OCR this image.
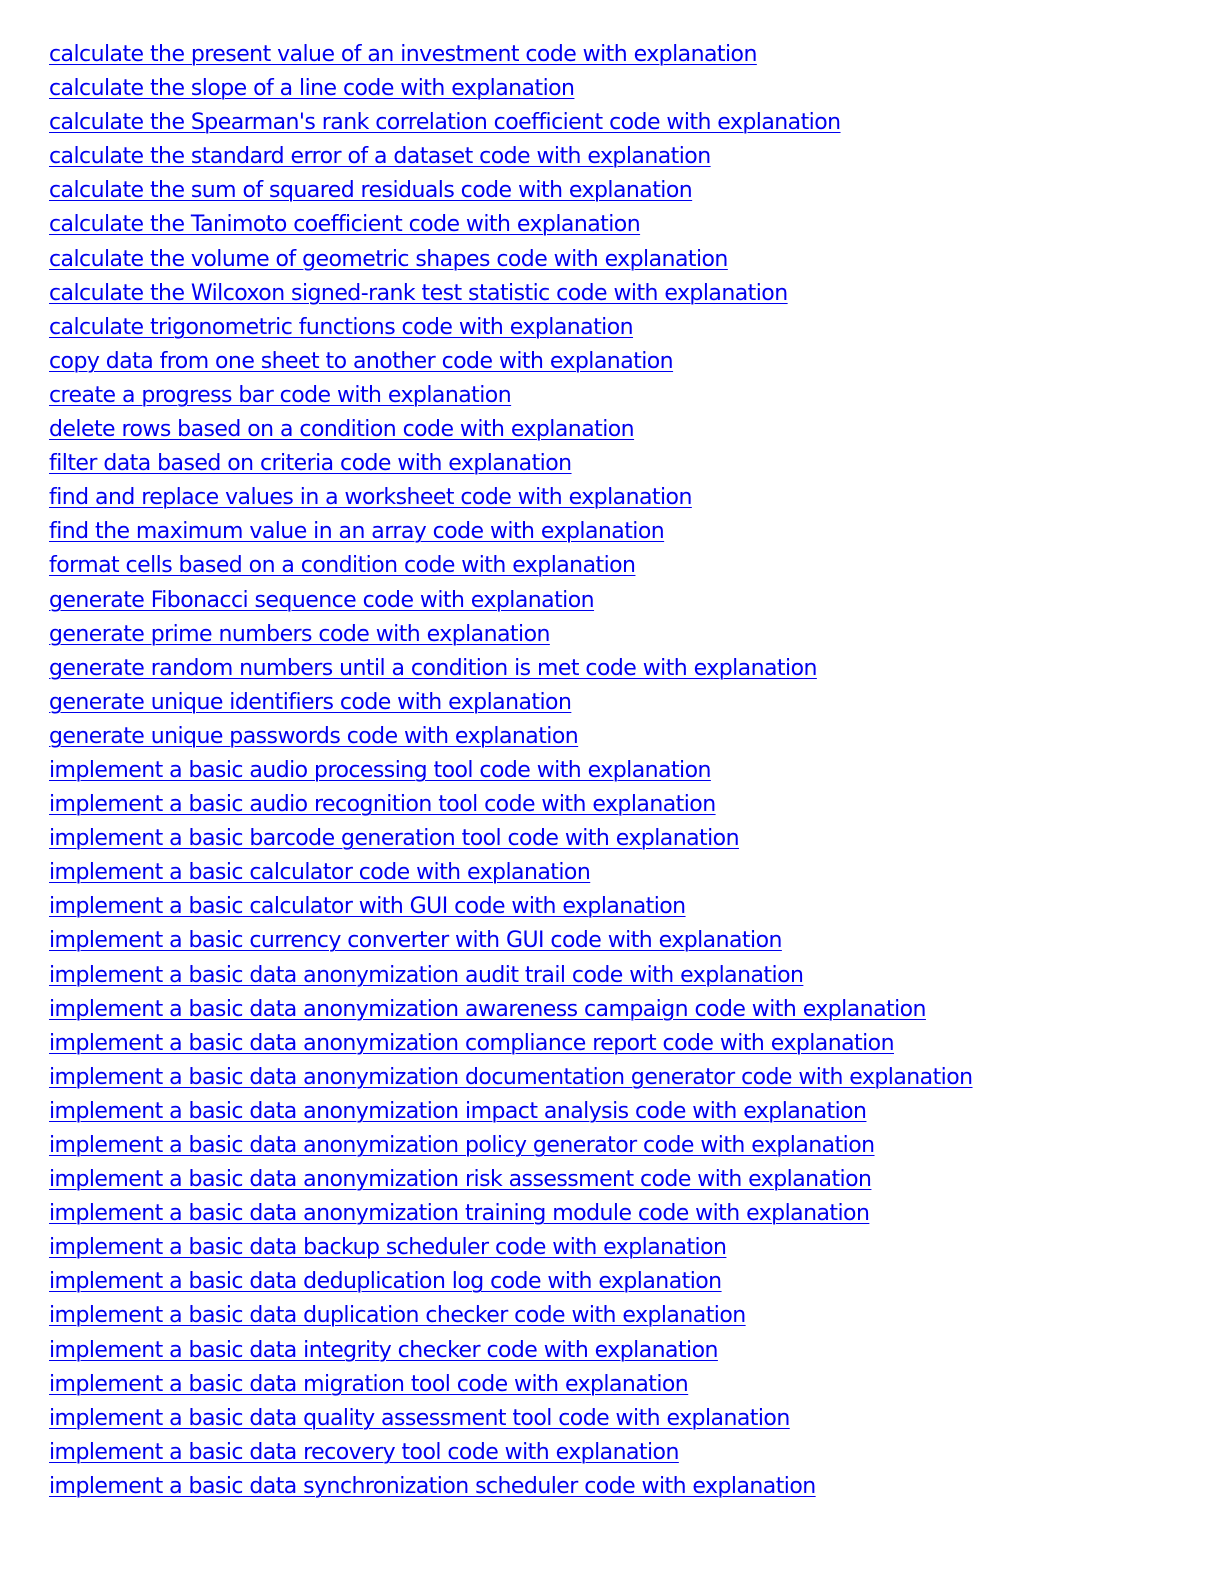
calculate the present value of an investment code with explanation
calculate the slope of a line code with explanation
calculate the Spearman's rank correlation coefficient code with explanation
calculate the standard error of a dataset code with explanation
calculate the sum of squared residuals code with explanation
calculate the Tanimoto coefficient code with explanation
calculate the volume of geometric shapes code with explanation
calculate the Wilcoxon signed-rank test statistic code with explanation
calculate trigonometric functions code with explanation
copy data from one sheet to another code with explanation
create a progress bar code with explanation
delete rows based on a condition code with explanation
filter data based on criteria code with explanation
find and replace values in a worksheet code with explanation
find the maximum value in an array code with explanation
format cells based on a condition code with explanation
generate Fibonacci sequence code with explanation
generate prime numbers code with explanation
generate random numbers until a condition is met code with explanation
generate unique identifiers code with explanation
generate unique passwords code with explanation
implement a basic audio processing tool code with explanation
implement a basic audio recognition tool code with explanation
implement a basic barcode generation tool code with explanation
implement a basic calculator code with explanation
implement a basic calculator with GUI code with explanation
implement a basic currency converter with GUI code with explanation
implement a basic data anonymization audit trail code with explanation
implement a basic data anonymization awareness campaign code with explanation
implement a basic data anonymization compliance report code with explanation
implement a basic data anonymization documentation generator code with explanation
implement a basic data anonymization impact analysis code with explanation
implement a basic data anonymization policy generator code with explanation
implement a basic data anonymization risk assessment code with explanation
implement a basic data anonymization training module code with explanation
implement a basic data backup scheduler code with explanation
implement a basic data deduplication log code with explanation
implement a basic data duplication checker code with explanation
implement a basic data integrity checker code with explanation
implement a basic data migration tool code with explanation
implement a basic data quality assessment tool code with explanation
implement a basic data recovery tool code with explanation
implement a basic data synchronization scheduler code with explanation
